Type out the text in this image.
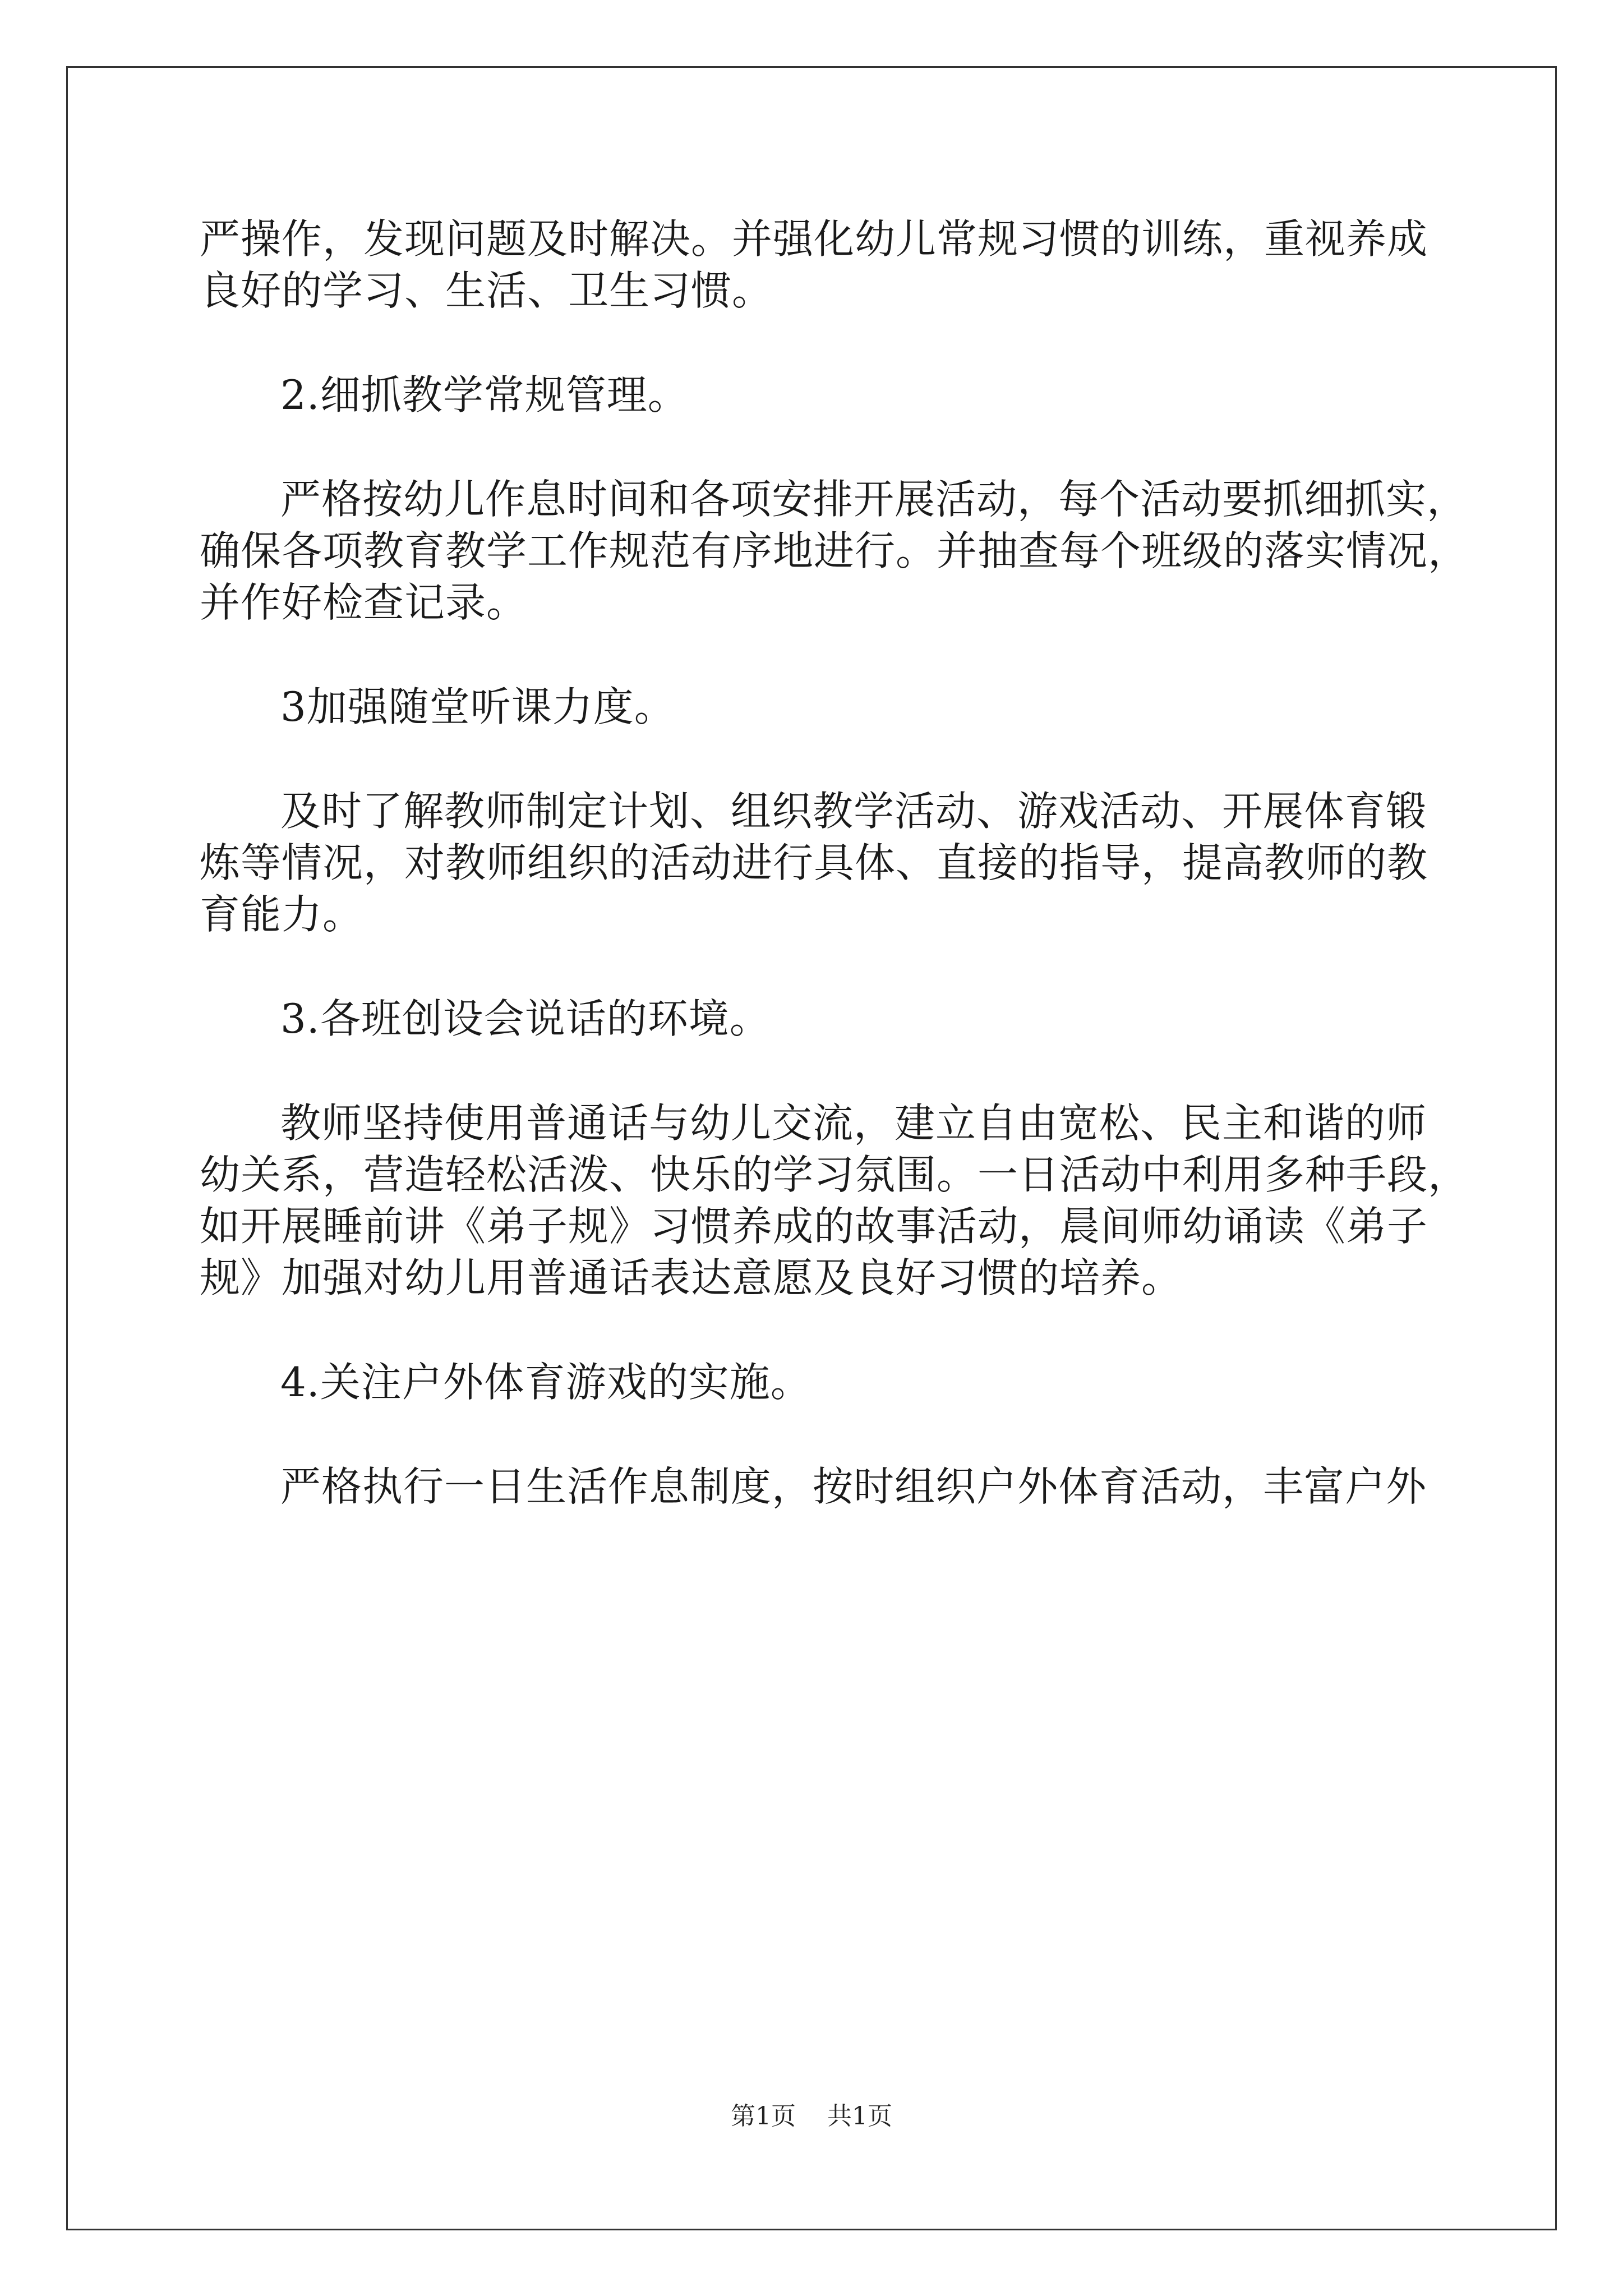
严操作，发现问题及时解决。并强化幼儿常规习惯的训练，重视养成
良好的学习、生活、卫生习惯。
2.细抓教学常规管理。
严格按幼儿作息时间和各项安排开展活动，每个活动要抓细抓实，
确保各项教育教学工作规范有序地进行。并抽查每个班级的落实情况，
并作好检查记录。
3加强随堂听课力度。
及时了解教师制定计划、组织教学活动、游戏活动、开展体育锻
炼等情况，对教师组织的活动进行具体、直接的指导，提高教师的教
育能力。
3.各班创设会说话的环境。
教师坚持使用普通话与幼儿交流，建立自由宽松、民主和谐的师
幼关系，营造轻松活泼、快乐的学习氛围。一日活动中利用多种手段，
如开展睡前讲《弟子规》习惯养成的故事活动，晨间师幼诵读《弟子
规》加强对幼儿用普通话表达意愿及良好习惯的培养。
4.关注户外体育游戏的实施。
严格执行一日生活作息制度，按时组织户外体育活动，丰富户外
第1页 共1页
